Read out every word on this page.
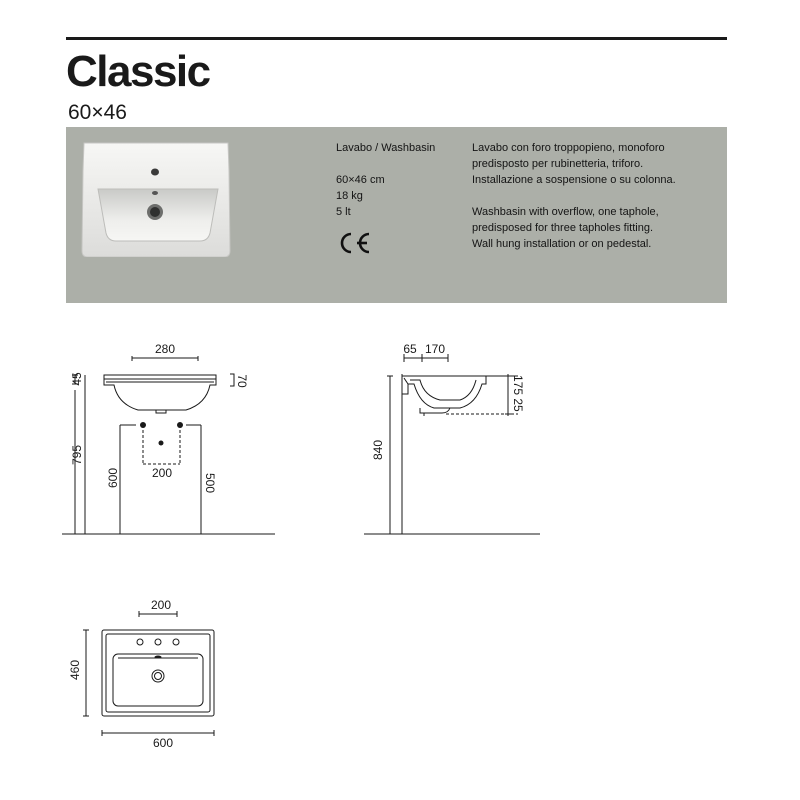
Classic
60×46

Lavabo / Washbasin

60×46 cm

18 kg

5 lt

Lavabo con foro troppopieno, monoforo

predisposto per rubinetteria, triforo.

Installazione a sospensione o su colonna.

Washbasin with overflow, one taphole,

predisposed for three tapholes fitting.

Wall hung installation or on pedestal.

280
45	70
795
600	200	500
65 170
840
25
175
200
460
600
